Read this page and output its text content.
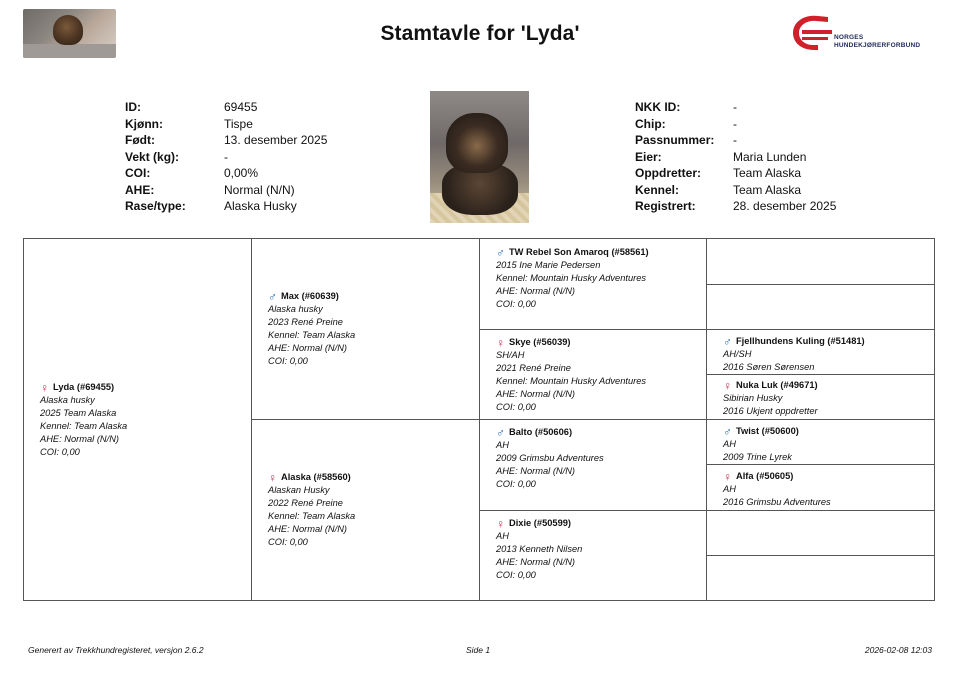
Stamtavle for 'Lyda'	NORGES
HUNDEKJØRERFORBUND
ID:	69455
Kjønn:	Tispe
Født:	13. desember 2025
Vekt (kg):	-
COI:	0,00%
AHE:	Normal (N/N)
Rase/type:	Alaska Husky
NKK ID:	-
Chip:	-
Passnummer:	-
Eier:	Maria Lunden
Oppdretter:	Team Alaska
Kennel:	Team Alaska
Registrert:	28. desember 2025
♀ Lyda (#69455)
Alaska husky
2025 Team Alaska
Kennel: Team Alaska
AHE: Normal (N/N)
COI: 0,00
♂ Max (#60639)
Alaska husky
2023 René Preine
Kennel: Team Alaska
AHE: Normal (N/N)
COI: 0,00
♀ Alaska (#58560)
Alaskan Husky
2022 René Preine
Kennel: Team Alaska
AHE: Normal (N/N)
COI: 0,00
♂ TW Rebel Son Amaroq (#58561)
2015 Ine Marie Pedersen
Kennel: Mountain Husky Adventures
AHE: Normal (N/N)
COI: 0,00
♀ Skye (#56039)
SH/AH
2021 René Preine
Kennel: Mountain Husky Adventures
AHE: Normal (N/N)
COI: 0,00
♂ Balto (#50606)
AH
2009 Grimsbu Adventures
AHE: Normal (N/N)
COI: 0,00
♀ Dixie (#50599)
AH
2013 Kenneth Nilsen
AHE: Normal (N/N)
COI: 0,00
♂ Fjellhundens Kuling (#51481)
AH/SH
2016 Søren Sørensen
♀ Nuka Luk (#49671)
Sibirian Husky
2016 Ukjent oppdretter
♂ Twist (#50600)
AH
2009 Trine Lyrek
♀ Alfa (#50605)
AH
2016 Grimsbu Adventures
Generert av Trekkhundregisteret, versjon 2.6.2	Side 1	2026-02-08 12:03
